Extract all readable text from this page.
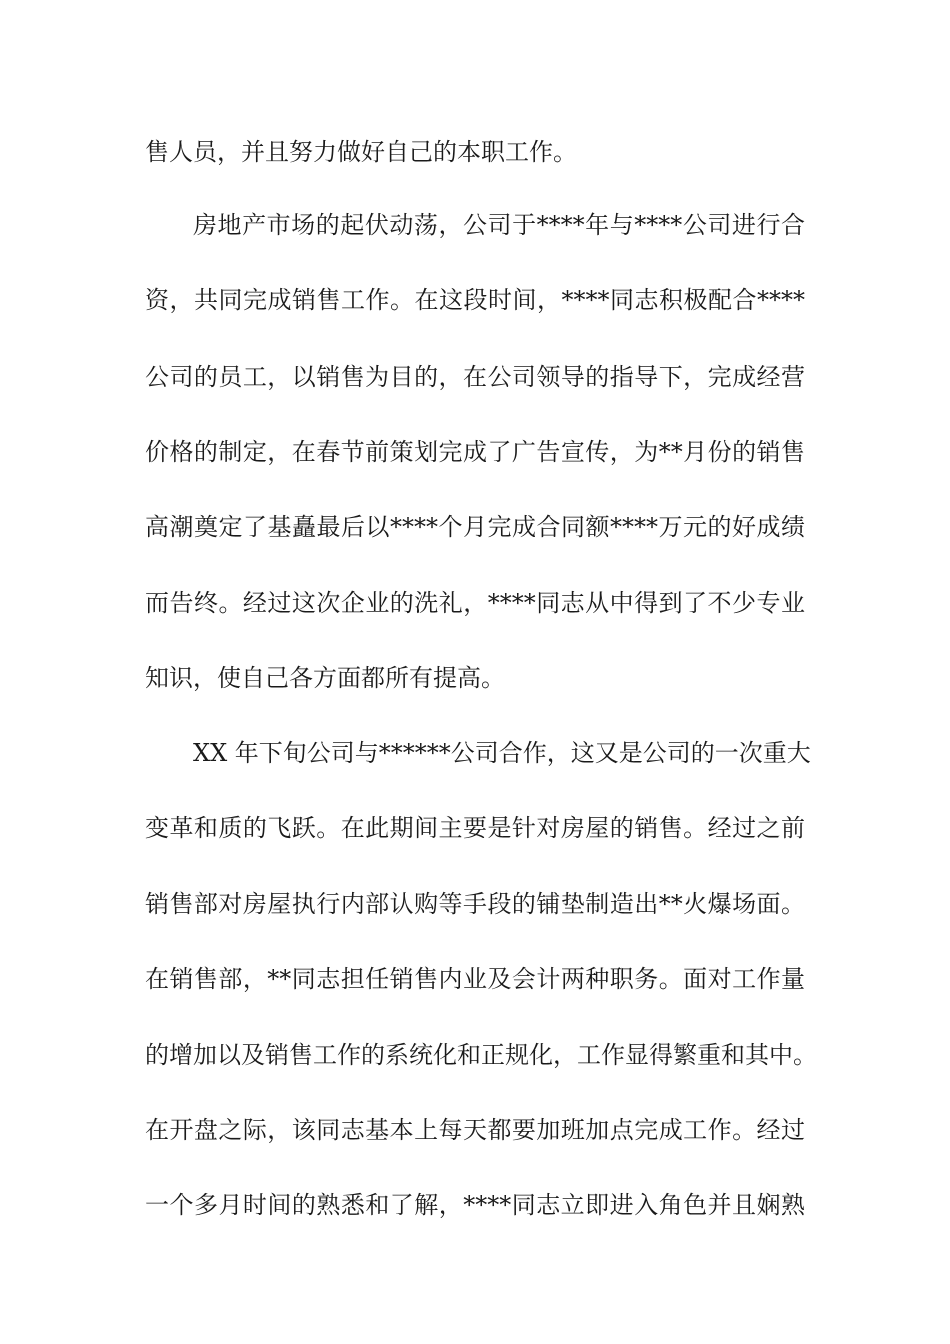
售人员，并且努力做好自己的本职工作。
房地产市场的起伏动荡，公司于****年与****公司进行合
资，共同完成销售工作。在这段时间，****同志积极配合****
公司的员工，以销售为目的，在公司领导的指导下，完成经营
价格的制定，在春节前策划完成了广告宣传，为**月份的销售
高潮奠定了基矗最后以****个月完成合同额****万元的好成绩
而告终。经过这次企业的洗礼，****同志从中得到了不少专业
知识，使自己各方面都所有提高。
XX 年下旬公司与******公司合作，这又是公司的一次重大
变革和质的飞跃。在此期间主要是针对房屋的销售。经过之前
销售部对房屋执行内部认购等手段的铺垫制造出**火爆场面。
在销售部，**同志担任销售内业及会计两种职务。面对工作量
的增加以及销售工作的系统化和正规化，工作显得繁重和其中。
在开盘之际，该同志基本上每天都要加班加点完成工作。经过
一个多月时间的熟悉和了解，****同志立即进入角色并且娴熟
